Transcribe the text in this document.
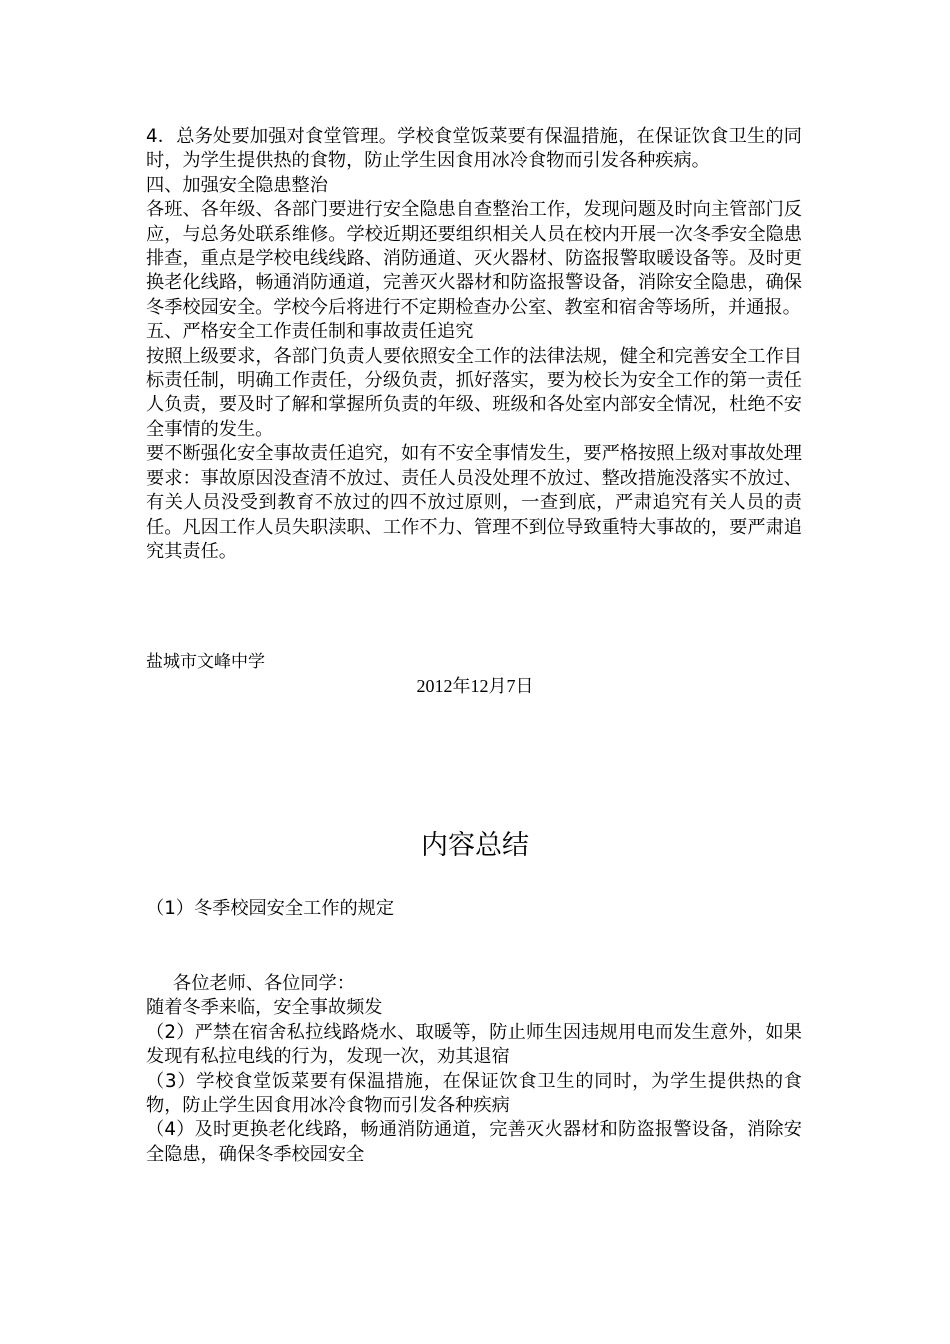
4．总务处要加强对食堂管理。学校食堂饭菜要有保温措施，在保证饮食卫生的同时，为学生提供热的食物，防止学生因食用冰冷食物而引发各种疾病。

四、加强安全隐患整治

各班、各年级、各部门要进行安全隐患自查整治工作，发现问题及时向主管部门反应，与总务处联系维修。学校近期还要组织相关人员在校内开展一次冬季安全隐患排查，重点是学校电线线路、消防通道、灭火器材、防盗报警取暖设备等。及时更换老化线路，畅通消防通道，完善灭火器材和防盗报警设备，消除安全隐患，确保冬季校园安全。学校今后将进行不定期检查办公室、教室和宿舍等场所，并通报。

五、严格安全工作责任制和事故责任追究

按照上级要求，各部门负责人要依照安全工作的法律法规，健全和完善安全工作目标责任制，明确工作责任，分级负责，抓好落实，要为校长为安全工作的第一责任人负责，要及时了解和掌握所负责的年级、班级和各处室内部安全情况，杜绝不安全事情的发生。

要不断强化安全事故责任追究，如有不安全事情发生，要严格按照上级对事故处理要求：事故原因没查清不放过、责任人员没处理不放过、整改措施没落实不放过、有关人员没受到教育不放过的四不放过原则，一查到底，严肃追究有关人员的责任。凡因工作人员失职渎职、工作不力、管理不到位导致重特大事故的，要严肃追究其责任。

盐城市文峰中学
2012年12月7日
内容总结
（1）冬季校园安全工作的规定

各位老师、各位同学：

随着冬季来临，安全事故频发

（2）严禁在宿舍私拉线路烧水、取暖等，防止师生因违规用电而发生意外，如果发现有私拉电线的行为，发现一次，劝其退宿

（3）学校食堂饭菜要有保温措施，在保证饮食卫生的同时，为学生提供热的食物，防止学生因食用冰冷食物而引发各种疾病

（4）及时更换老化线路，畅通消防通道，完善灭火器材和防盗报警设备，消除安全隐患，确保冬季校园安全
